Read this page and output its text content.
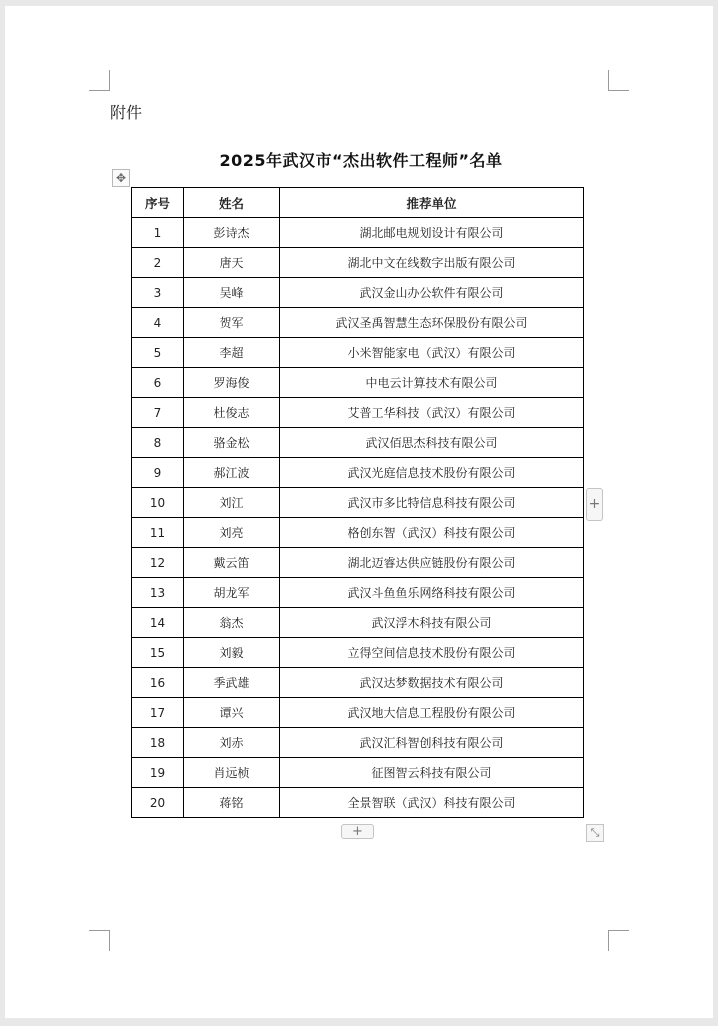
附件
2025年武汉市“杰出软件工程师”名单
✥
序号	姓名	推荐单位
1	彭诗杰	湖北邮电规划设计有限公司
2	唐天	湖北中文在线数字出版有限公司
3	吴峰	武汉金山办公软件有限公司
4	贺军	武汉圣禹智慧生态环保股份有限公司
5	李超	小米智能家电（武汉）有限公司
6	罗海俊	中电云计算技术有限公司
7	杜俊志	艾普工华科技（武汉）有限公司
8	骆金松	武汉佰思杰科技有限公司
9	郝江波	武汉光庭信息技术股份有限公司
10	刘江	武汉市多比特信息科技有限公司
11	刘亮	格创东智（武汉）科技有限公司
12	戴云笛	湖北迈睿达供应链股份有限公司
13	胡龙军	武汉斗鱼鱼乐网络科技有限公司
14	翁杰	武汉浮木科技有限公司
15	刘毅	立得空间信息技术股份有限公司
16	季武雄	武汉达梦数据技术有限公司
17	谭兴	武汉地大信息工程股份有限公司
18	刘赤	武汉汇科智创科技有限公司
19	肖远桢	征图智云科技有限公司
20	蒋铭	全景智联（武汉）科技有限公司
+
+	⤡
